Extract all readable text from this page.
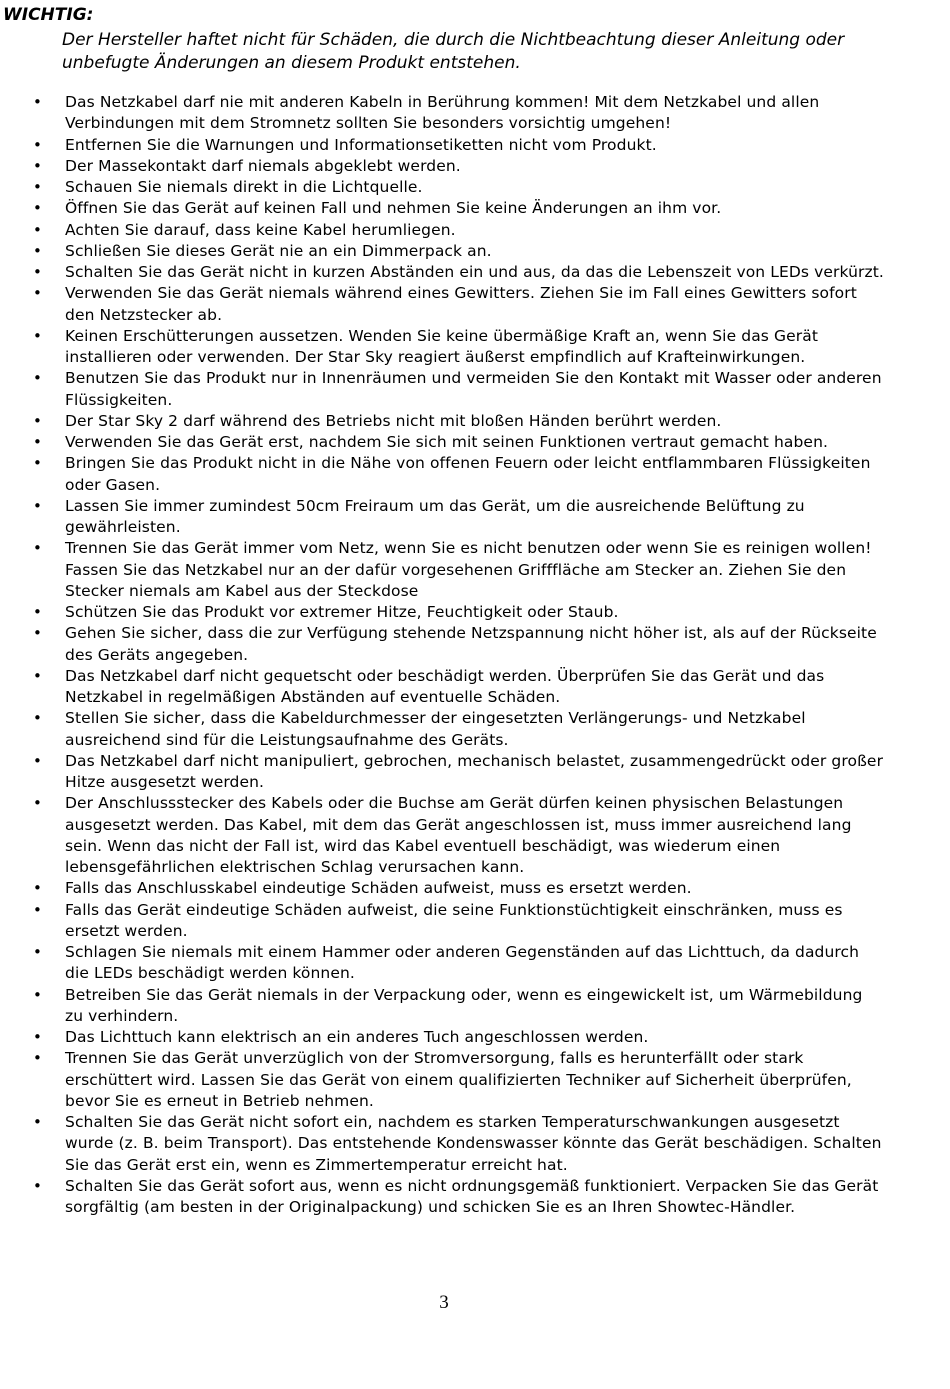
WICHTIG:

Der Hersteller haftet nicht für Schäden, die durch die Nichtbeachtung dieser Anleitung oder unbefugte Änderungen an diesem Produkt entstehen.

• Das Netzkabel darf nie mit anderen Kabeln in Berührung kommen! Mit dem Netzkabel und allen Verbindungen mit dem Stromnetz sollten Sie besonders vorsichtig umgehen!
• Entfernen Sie die Warnungen und Informationsetiketten nicht vom Produkt.
• Der Massekontakt darf niemals abgeklebt werden.
• Schauen Sie niemals direkt in die Lichtquelle.
• Öffnen Sie das Gerät auf keinen Fall und nehmen Sie keine Änderungen an ihm vor.
• Achten Sie darauf, dass keine Kabel herumliegen.
• Schließen Sie dieses Gerät nie an ein Dimmerpack an.
• Schalten Sie das Gerät nicht in kurzen Abständen ein und aus, da das die Lebenszeit von LEDs verkürzt.
• Verwenden Sie das Gerät niemals während eines Gewitters. Ziehen Sie im Fall eines Gewitters sofort den Netzstecker ab.
• Keinen Erschütterungen aussetzen. Wenden Sie keine übermäßige Kraft an, wenn Sie das Gerät installieren oder verwenden. Der Star Sky reagiert äußerst empfindlich auf Krafteinwirkungen.
• Benutzen Sie das Produkt nur in Innenräumen und vermeiden Sie den Kontakt mit Wasser oder anderen Flüssigkeiten.
• Der Star Sky 2 darf während des Betriebs nicht mit bloßen Händen berührt werden.
• Verwenden Sie das Gerät erst, nachdem Sie sich mit seinen Funktionen vertraut gemacht haben.
• Bringen Sie das Produkt nicht in die Nähe von offenen Feuern oder leicht entflammbaren Flüssigkeiten oder Gasen.
• Lassen Sie immer zumindest 50cm Freiraum um das Gerät, um die ausreichende Belüftung zu gewährleisten.
• Trennen Sie das Gerät immer vom Netz, wenn Sie es nicht benutzen oder wenn Sie es reinigen wollen! Fassen Sie das Netzkabel nur an der dafür vorgesehenen Grifffläche am Stecker an. Ziehen Sie den Stecker niemals am Kabel aus der Steckdose
• Schützen Sie das Produkt vor extremer Hitze, Feuchtigkeit oder Staub.
• Gehen Sie sicher, dass die zur Verfügung stehende Netzspannung nicht höher ist, als auf der Rückseite des Geräts angegeben.
• Das Netzkabel darf nicht gequetscht oder beschädigt werden. Überprüfen Sie das Gerät und das Netzkabel in regelmäßigen Abständen auf eventuelle Schäden.
• Stellen Sie sicher, dass die Kabeldurchmesser der eingesetzten Verlängerungs- und Netzkabel ausreichend sind für die Leistungsaufnahme des Geräts.
• Das Netzkabel darf nicht manipuliert, gebrochen, mechanisch belastet, zusammengedrückt oder großer Hitze ausgesetzt werden.
• Der Anschlussstecker des Kabels oder die Buchse am Gerät dürfen keinen physischen Belastungen ausgesetzt werden. Das Kabel, mit dem das Gerät angeschlossen ist, muss immer ausreichend lang sein. Wenn das nicht der Fall ist, wird das Kabel eventuell beschädigt, was wiederum einen lebensgefährlichen elektrischen Schlag verursachen kann.
• Falls das Anschlusskabel eindeutige Schäden aufweist, muss es ersetzt werden.
• Falls das Gerät eindeutige Schäden aufweist, die seine Funktionstüchtigkeit einschränken, muss es ersetzt werden.
• Schlagen Sie niemals mit einem Hammer oder anderen Gegenständen auf das Lichttuch, da dadurch die LEDs beschädigt werden können.
• Betreiben Sie das Gerät niemals in der Verpackung oder, wenn es eingewickelt ist, um Wärmebildung zu verhindern.
• Das Lichttuch kann elektrisch an ein anderes Tuch angeschlossen werden.
• Trennen Sie das Gerät unverzüglich von der Stromversorgung, falls es herunterfällt oder stark erschüttert wird. Lassen Sie das Gerät von einem qualifizierten Techniker auf Sicherheit überprüfen, bevor Sie es erneut in Betrieb nehmen.
• Schalten Sie das Gerät nicht sofort ein, nachdem es starken Temperaturschwankungen ausgesetzt wurde (z. B. beim Transport). Das entstehende Kondenswasser könnte das Gerät beschädigen. Schalten Sie das Gerät erst ein, wenn es Zimmertemperatur erreicht hat.
• Schalten Sie das Gerät sofort aus, wenn es nicht ordnungsgemäß funktioniert. Verpacken Sie das Gerät sorgfältig (am besten in der Originalpackung) und schicken Sie es an Ihren Showtec-Händler.
3
